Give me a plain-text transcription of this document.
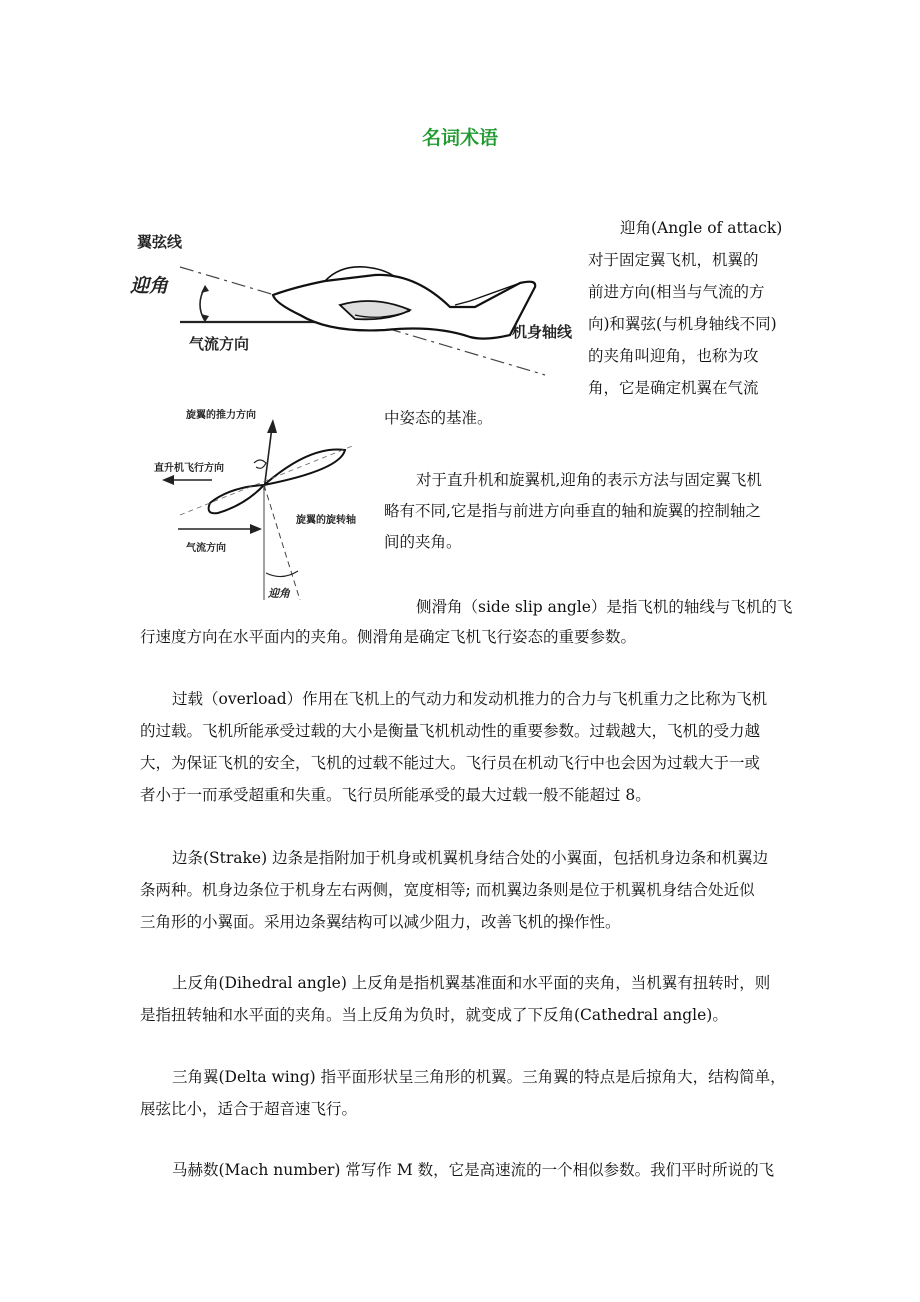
名词术语
翼弦线
迎角
气流方向
机身轴线
旋翼的推力方向
直升机飞行方向
气流方向
旋翼的旋转轴
迎角
迎角(Angle of attack)
对于固定翼飞机，机翼的
前进方向(相当与气流的方
向)和翼弦(与机身轴线不同)
的夹角叫迎角，也称为攻
角，它是确定机翼在气流
中姿态的基准。
对于直升机和旋翼机,迎角的表示方法与固定翼飞机
略有不同,它是指与前进方向垂直的轴和旋翼的控制轴之
间的夹角。
侧滑角（side slip angle）是指飞机的轴线与飞机的飞
行速度方向在水平面内的夹角。侧滑角是确定飞机飞行姿态的重要参数。
过载（overload）作用在飞机上的气动力和发动机推力的合力与飞机重力之比称为飞机
的过载。飞机所能承受过载的大小是衡量飞机机动性的重要参数。过载越大，飞机的受力越
大，为保证飞机的安全，飞机的过载不能过大。飞行员在机动飞行中也会因为过载大于一或
者小于一而承受超重和失重。飞行员所能承受的最大过载一般不能超过 8。
边条(Strake) 边条是指附加于机身或机翼机身结合处的小翼面，包括机身边条和机翼边
条两种。机身边条位于机身左右两侧，宽度相等; 而机翼边条则是位于机翼机身结合处近似
三角形的小翼面。采用边条翼结构可以减少阻力，改善飞机的操作性。
上反角(Dihedral angle) 上反角是指机翼基准面和水平面的夹角，当机翼有扭转时，则
是指扭转轴和水平面的夹角。当上反角为负时，就变成了下反角(Cathedral angle)。
三角翼(Delta wing) 指平面形状呈三角形的机翼。三角翼的特点是后掠角大，结构简单，
展弦比小，适合于超音速飞行。
马赫数(Mach number) 常写作 M 数，它是高速流的一个相似参数。我们平时所说的飞
